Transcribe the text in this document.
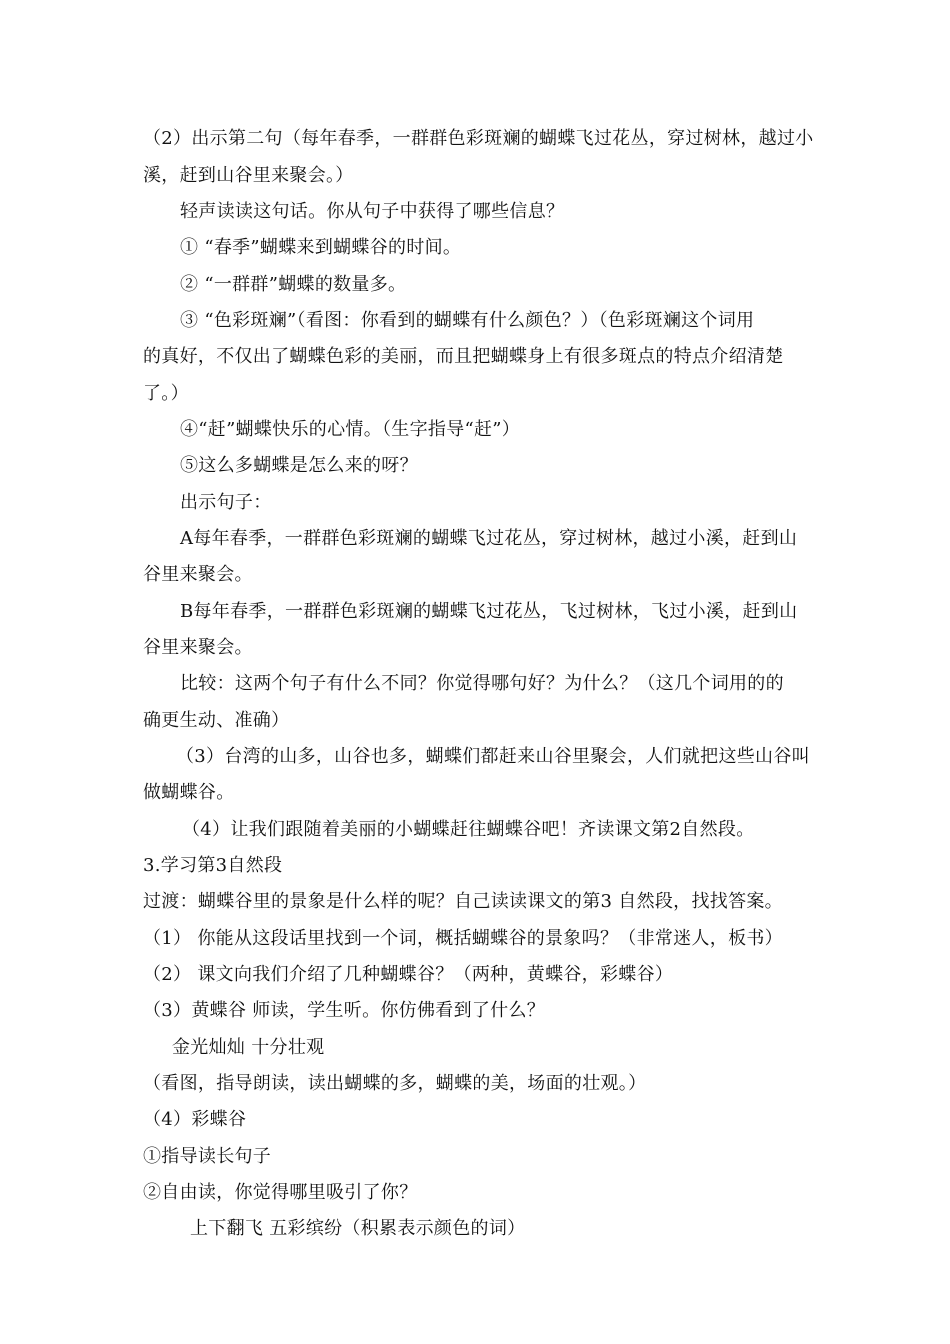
（2）出示第二句（每年春季，一群群色彩斑斓的蝴蝶飞过花丛，穿过树林，越过小
溪，赶到山谷里来聚会。）
轻声读读这句话。你从句子中获得了哪些信息？
① “春季”蝴蝶来到蝴蝶谷的时间。
② “一群群”蝴蝶的数量多。
③ “色彩斑斓”（看图：你看到的蝴蝶有什么颜色？）（色彩斑斓这个词用
的真好，不仅出了蝴蝶色彩的美丽，而且把蝴蝶身上有很多斑点的特点介绍清楚
了。）
④“赶”蝴蝶快乐的心情。（生字指导“赶”）
⑤这么多蝴蝶是怎么来的呀？
出示句子：
A每年春季，一群群色彩斑斓的蝴蝶飞过花丛，穿过树林，越过小溪，赶到山
谷里来聚会。
B每年春季，一群群色彩斑斓的蝴蝶飞过花丛，飞过树林，飞过小溪，赶到山
谷里来聚会。
比较：这两个句子有什么不同？你觉得哪句好？为什么？（这几个词用的的
确更生动、准确）
（3）台湾的山多，山谷也多，蝴蝶们都赶来山谷里聚会，人们就把这些山谷叫
做蝴蝶谷。
（4）让我们跟随着美丽的小蝴蝶赶往蝴蝶谷吧！齐读课文第2自然段。
3.学习第3自然段
过渡：蝴蝶谷里的景象是什么样的呢？自己读读课文的第3 自然段，找找答案。
（1） 你能从这段话里找到一个词，概括蝴蝶谷的景象吗？（非常迷人，板书）
（2） 课文向我们介绍了几种蝴蝶谷？（两种，黄蝶谷，彩蝶谷）
（3）黄蝶谷 师读，学生听。你仿佛看到了什么？
金光灿灿 十分壮观
（看图，指导朗读，读出蝴蝶的多，蝴蝶的美，场面的壮观。）
（4）彩蝶谷
①指导读长句子
②自由读，你觉得哪里吸引了你？
上下翻飞 五彩缤纷（积累表示颜色的词）
